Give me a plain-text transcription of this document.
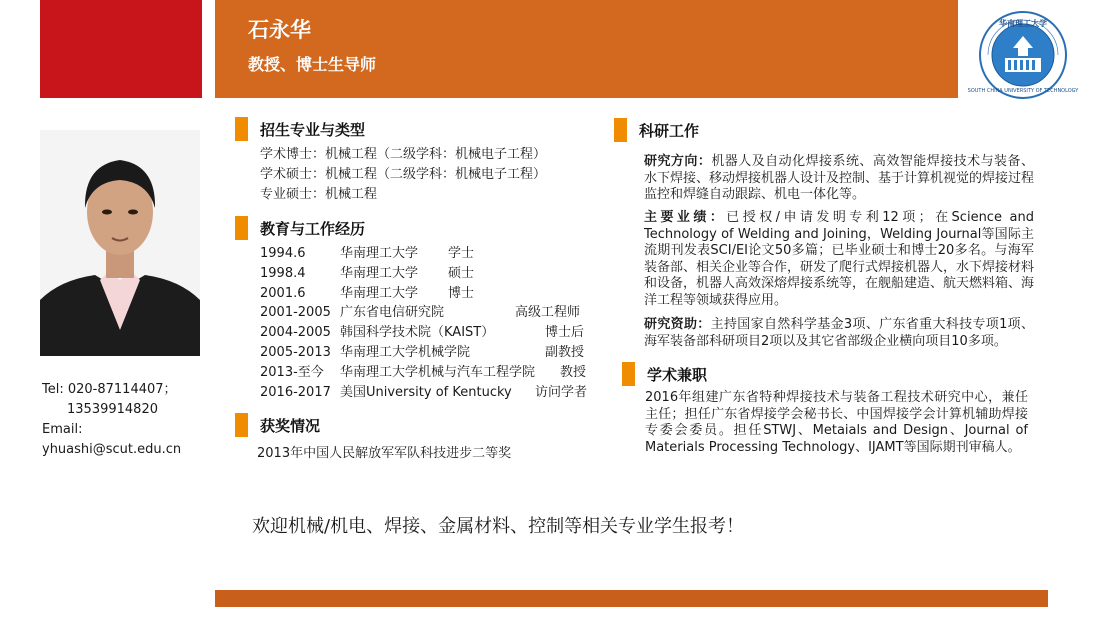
石永华
教授、博士生导师
华南理工大学
SOUTH CHINA UNIVERSITY OF TECHNOLOGY
Tel: 020-87114407；
13539914820
Email:
yhuashi@scut.edu.cn
招生专业与类型
学术博士：机械工程（二级学科：机械电子工程）
学术硕士：机械工程（二级学科：机械电子工程）
专业硕士：机械工程
教育与工作经历
1994.6	华南理工大学	学士
1998.4	华南理工大学	硕士
2001.6	华南理工大学	博士
2001-2005 广东省电信研究院	高级工程师
2004-2005 韩国科学技术院（KAIST）	博士后
2005-2013 华南理工大学机械学院	副教授
2013-至今	华南理工大学机械与汽车工程学院	教授
2016-2017 美国University of Kentucky	访问学者
获奖情况
2013年中国人民解放军军队科技进步二等奖
科研工作
研究方向：机器人及自动化焊接系统、高效智能焊接技术与装备、水下焊接、移动焊接机器人设计及控制、基于计算机视觉的焊接过程监控和焊缝自动跟踪、机电一体化等。
主要业绩：已授权/申请发明专利12项；在Science and Technology of Welding and Joining，Welding Journal等国际主流期刊发表SCI/EI论文50多篇；已毕业硕士和博士20多名。与海军装备部、相关企业等合作，研发了爬行式焊接机器人，水下焊接材料和设备，机器人高效深熔焊接系统等，在舰船建造、航天燃料箱、海洋工程等领域获得应用。
研究资助：主持国家自然科学基金3项、广东省重大科技专项1项、海军装备部科研项目2项以及其它省部级企业横向项目10多项。
学术兼职
2016年组建广东省特种焊接技术与装备工程技术研究中心，兼任主任；担任广东省焊接学会秘书长、中国焊接学会计算机辅助焊接专委会委员。担任STWJ、Metaials and Design、Journal of Materials Processing Technology、IJAMT等国际期刊审稿人。
欢迎机械/机电、焊接、金属材料、控制等相关专业学生报考！
